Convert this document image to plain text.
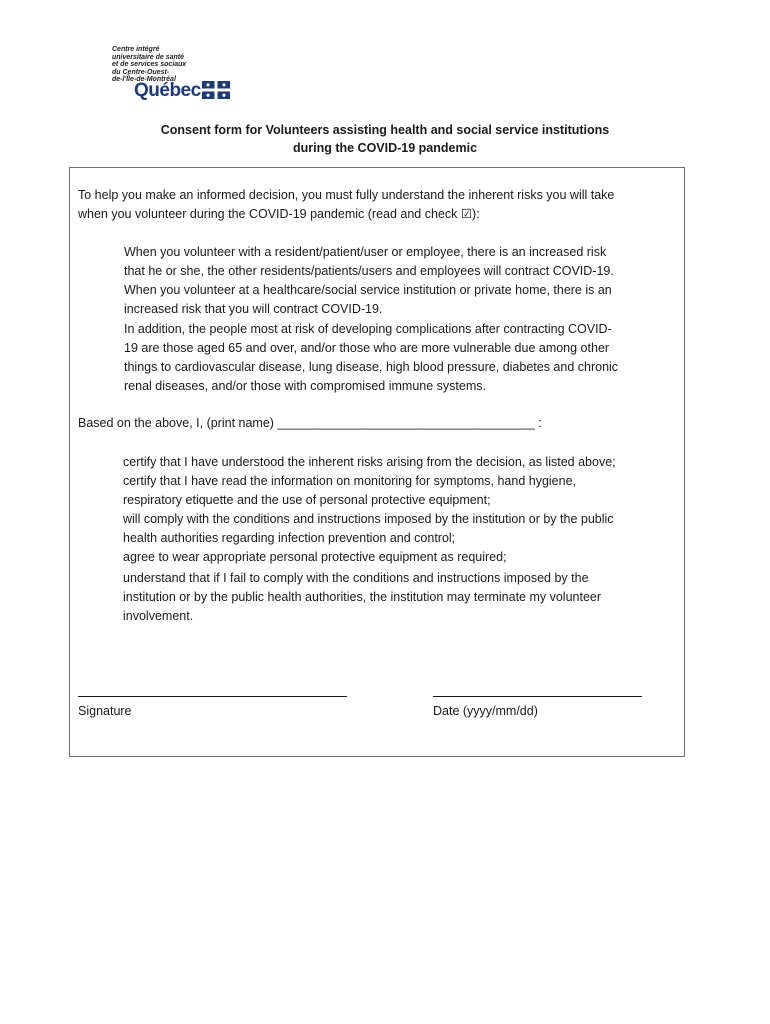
Centre intégré
universitaire de santé
et de services sociaux
du Centre-Ouest-
de-l'Île-de-Montréal
Québec
Consent form for Volunteers assisting health and social service institutions
during the COVID-19 pandemic
To help you make an informed decision, you must fully understand the inherent risks you will take
when you volunteer during the COVID-19 pandemic (read and check ☑):
When you volunteer with a resident/patient/user or employee, there is an increased risk
that he or she, the other residents/patients/users and employees will contract COVID-19.
When you volunteer at a healthcare/social service institution or private home, there is an
increased risk that you will contract COVID-19.
In addition, the people most at risk of developing complications after contracting COVID-
19 are those aged 65 and over, and/or those who are more vulnerable due among other
things to cardiovascular disease, lung disease, high blood pressure, diabetes and chronic
renal diseases, and/or those with compromised immune systems.
Based on the above, I, (print name) _____________________________________ :
certify that I have understood the inherent risks arising from the decision, as listed above;
certify that I have read the information on monitoring for symptoms, hand hygiene,
respiratory etiquette and the use of personal protective equipment;
will comply with the conditions and instructions imposed by the institution or by the public
health authorities regarding infection prevention and control;
agree to wear appropriate personal protective equipment as required;
understand that if I fail to comply with the conditions and instructions imposed by the
institution or by the public health authorities, the institution may terminate my volunteer
involvement.
Signature	Date (yyyy/mm/dd)
